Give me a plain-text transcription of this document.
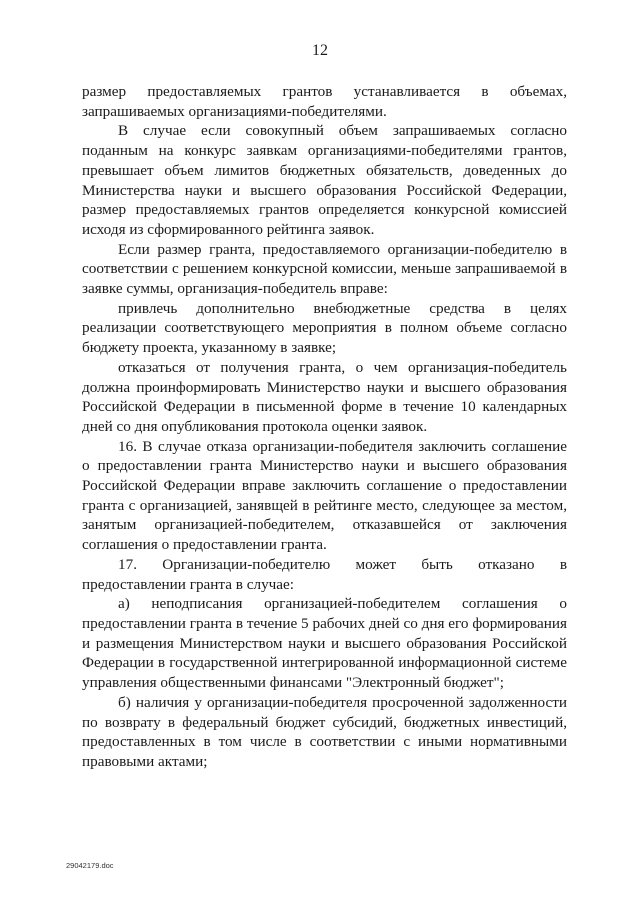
12

размер предоставляемых грантов устанавливается в объемах, запрашиваемых организациями-победителями.

В случае если совокупный объем запрашиваемых согласно поданным на конкурс заявкам организациями-победителями грантов, превышает объем лимитов бюджетных обязательств, доведенных до Министерства науки и высшего образования Российской Федерации, размер предоставляемых грантов определяется конкурсной комиссией исходя из сформированного рейтинга заявок.

Если размер гранта, предоставляемого организации-победителю в соответствии с решением конкурсной комиссии, меньше запрашиваемой в заявке суммы, организация-победитель вправе:

привлечь дополнительно внебюджетные средства в целях реализации соответствующего мероприятия в полном объеме согласно бюджету проекта, указанному в заявке;

отказаться от получения гранта, о чем организация-победитель должна проинформировать Министерство науки и высшего образования Российской Федерации в письменной форме в течение 10 календарных дней со дня опубликования протокола оценки заявок.

16. В случае отказа организации-победителя заключить соглашение о предоставлении гранта Министерство науки и высшего образования Российской Федерации вправе заключить соглашение о предоставлении гранта с организацией, занявщей в рейтинге место, следующее за местом, занятым организацией-победителем, отказавшейся от заключения соглашения о предоставлении гранта.

17. Организации-победителю может быть отказано в предоставлении гранта в случае:

а) неподписания организацией-победителем соглашения о предоставлении гранта в течение 5 рабочих дней со дня его формирования и размещения Министерством науки и высшего образования Российской Федерации в государственной интегрированной информационной системе управления общественными финансами "Электронный бюджет";

б) наличия у организации-победителя просроченной задолженности по возврату в федеральный бюджет субсидий, бюджетных инвестиций, предоставленных в том числе в соответствии с иными нормативными правовыми актами;

29042179.doc
